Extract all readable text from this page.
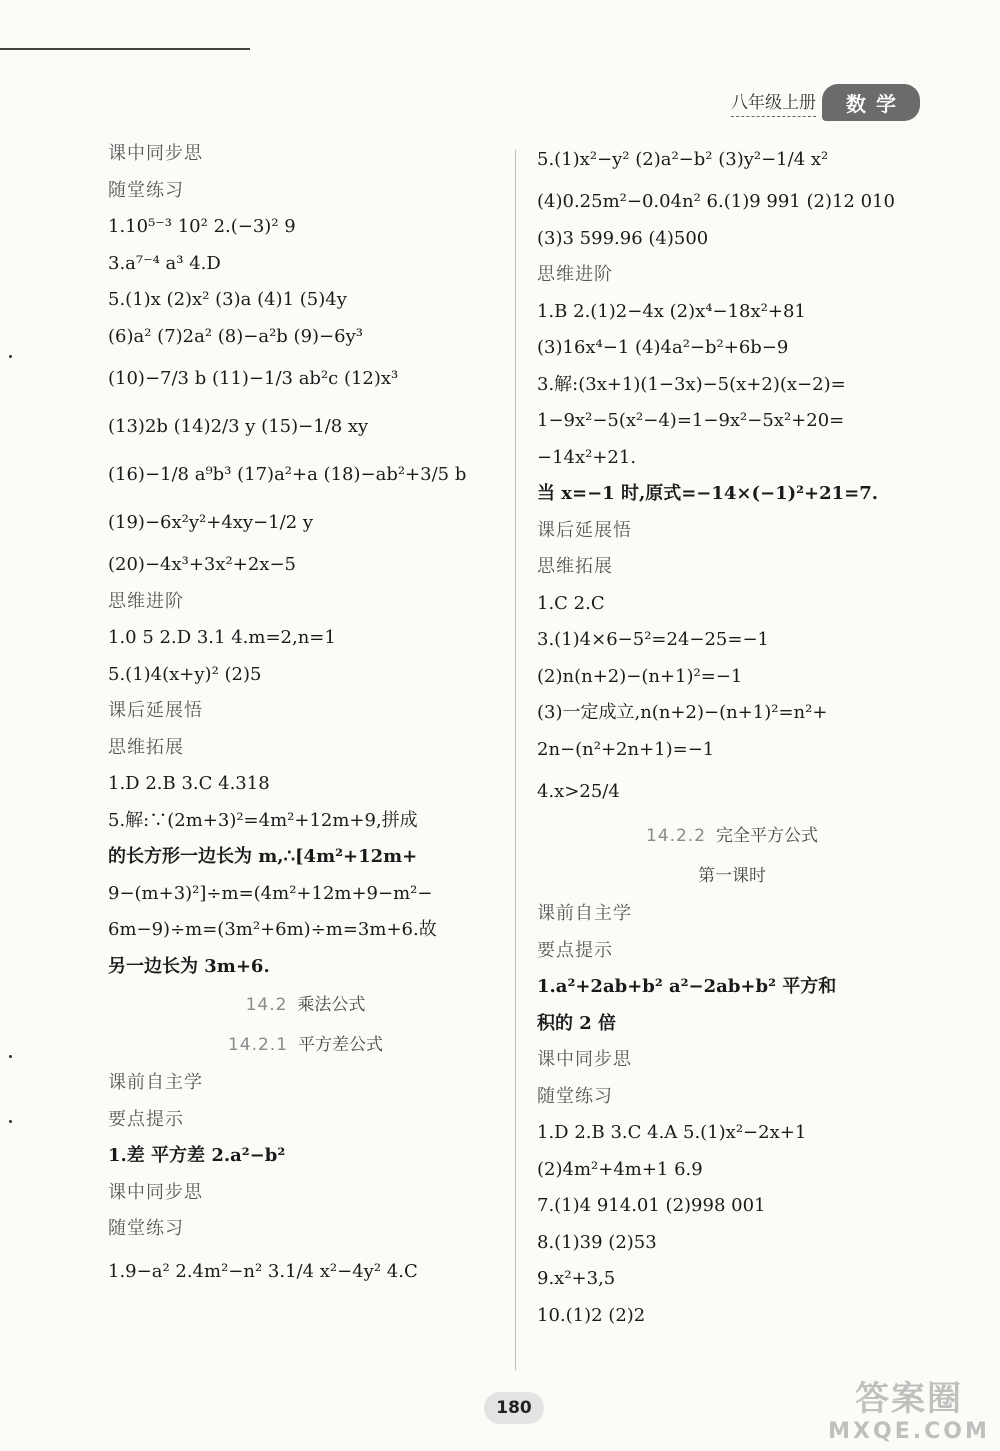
八年级上册	数学
课中同步思
随堂练习
1.10⁵⁻³ 10² 2.(−3)² 9
3.a⁷⁻⁴ a³ 4.D
5.(1)x (2)x² (3)a (4)1 (5)4y
(6)a² (7)2a² (8)−a²b (9)−6y³
(10)−7/3 b (11)−1/3 ab²c (12)x³
(13)2b (14)2/3 y (15)−1/8 xy
(16)−1/8 a⁹b³ (17)a²+a (18)−ab²+3/5 b
(19)−6x²y²+4xy−1/2 y
(20)−4x³+3x²+2x−5
思维进阶
1.0 5 2.D 3.1 4.m=2,n=1
5.(1)4(x+y)² (2)5
课后延展悟
思维拓展
1.D 2.B 3.C 4.318
5.解:∵(2m+3)²=4m²+12m+9,拼成
的长方形一边长为 m,∴[4m²+12m+
9−(m+3)²]÷m=(4m²+12m+9−m²−
6m−9)÷m=(3m²+6m)÷m=3m+6.故
另一边长为 3m+6.
14.2 乘法公式
14.2.1 平方差公式
课前自主学
要点提示
1.差 平方差 2.a²−b²
课中同步思
随堂练习
1.9−a² 2.4m²−n² 3.1/4 x²−4y² 4.C
5.(1)x²−y² (2)a²−b² (3)y²−1/4 x²
(4)0.25m²−0.04n² 6.(1)9 991 (2)12 010
(3)3 599.96 (4)500
思维进阶
1.B 2.(1)2−4x (2)x⁴−18x²+81
(3)16x⁴−1 (4)4a²−b²+6b−9
3.解:(3x+1)(1−3x)−5(x+2)(x−2)=
1−9x²−5(x²−4)=1−9x²−5x²+20=
−14x²+21.
当 x=−1 时,原式=−14×(−1)²+21=7.
课后延展悟
思维拓展
1.C 2.C
3.(1)4×6−5²=24−25=−1
(2)n(n+2)−(n+1)²=−1
(3)一定成立,n(n+2)−(n+1)²=n²+
2n−(n²+2n+1)=−1
4.x>25/4
14.2.2 完全平方公式
第一课时
课前自主学
要点提示
1.a²+2ab+b² a²−2ab+b² 平方和
积的 2 倍
课中同步思
随堂练习
1.D 2.B 3.C 4.A 5.(1)x²−2x+1
(2)4m²+4m+1 6.9
7.(1)4 914.01 (2)998 001
8.(1)39 (2)53
9.x²+3,5
10.(1)2 (2)2
180	答案圈
MXQE.COM
